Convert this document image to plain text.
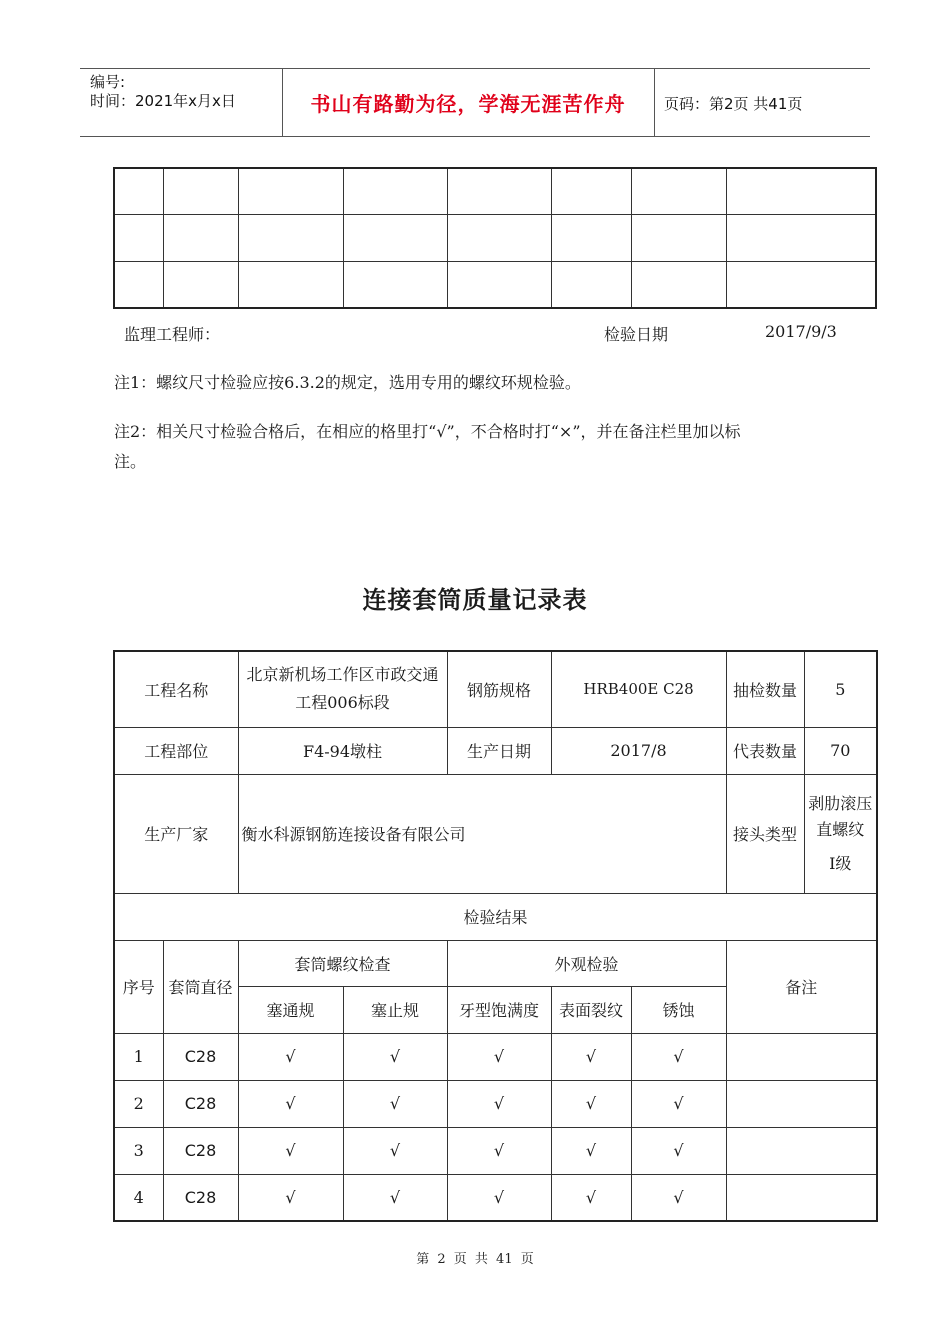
编号:
时间：2021年x月x日	书山有路勤为径，学海无涯苦作舟	页码：第2页 共41页

监理工程师：	检验日期	2017/9/3
注1：螺纹尺寸检验应按6.3.2的规定，选用专用的螺纹环规检验。
注2：相关尺寸检验合格后，在相应的格里打“√”，不合格时打“×”，并在备注栏里加以标
注。
连接套筒质量记录表
工程名称		北京新机场工作区市政交通工程006标段		钢筋规格	HRB400E C28		抽检数量	5
工程部位		F4-94墩柱		生产日期	2017/8		代表数量	70
生产厂家		衡水科源钢筋连接设备有限公司					接头类型	剥肋滚压
直螺纹
I级

检验结果								
序号	套筒直径	套筒螺纹检查		外观检验			备注	
		塞通规	塞止规	牙型饱满度	表面裂纹	锈蚀		
1	C28	√	√	√	√	√		
2	C28	√	√	√	√	√		
3	C28	√	√	√	√	√		
4	C28	√	√	√	√	√		
第 2 页 共 41 页
